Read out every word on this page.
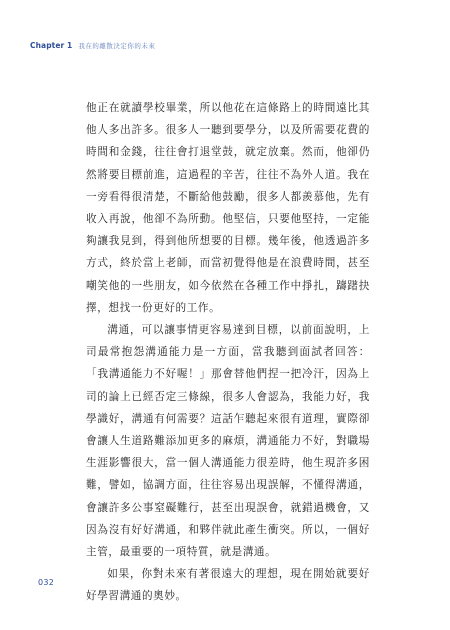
Chapter 1 我在的離散決定你的未來

他正在就讀學校畢業，所以他花在這條路上的時間遠比其他人多出許多。很多人一聽到要學分，以及所需要花費的時間和金錢，往往會打退堂鼓，就定放棄。然而，他卻仍然將要目標前進，這過程的辛苦，往往不為外人道。我在一旁看得很清楚，不斷給他鼓勵，很多人都羨慕他，先有收入再說，他卻不為所動。他堅信，只要他堅持，一定能夠讓我見到，得到他所想要的目標。幾年後，他透過許多方式，終於當上老師，而當初覺得他是在浪費時間，甚至嘲笑他的一些朋友，如今依然在各種工作中掙扎，躊躇抉擇，想找一份更好的工作。

溝通，可以讓事情更容易達到目標，以前面說明，上司最常抱怨溝通能力是一方面，當我聽到面試者回答：「我溝通能力不好喔！」那會替他們捏一把冷汗，因為上司的論上已經否定三條線，很多人會認為，我能力好，我學識好，溝通有何需要？這話乍聽起來很有道理，實際卻會讓人生道路難添加更多的麻煩，溝通能力不好，對職場生涯影響很大，當一個人溝通能力很差時，他生現許多困難，譬如，協調方面，往往容易出現誤解，不懂得溝通，會讓許多公事窒礙難行，甚至出現誤會，就錯過機會，又因為沒有好好溝通，和夥伴就此產生衝突。所以，一個好主管，最重要的一項特質，就是溝通。

如果，你對未來有著很遠大的理想，現在開始就要好好學習溝通的奧妙。

032
